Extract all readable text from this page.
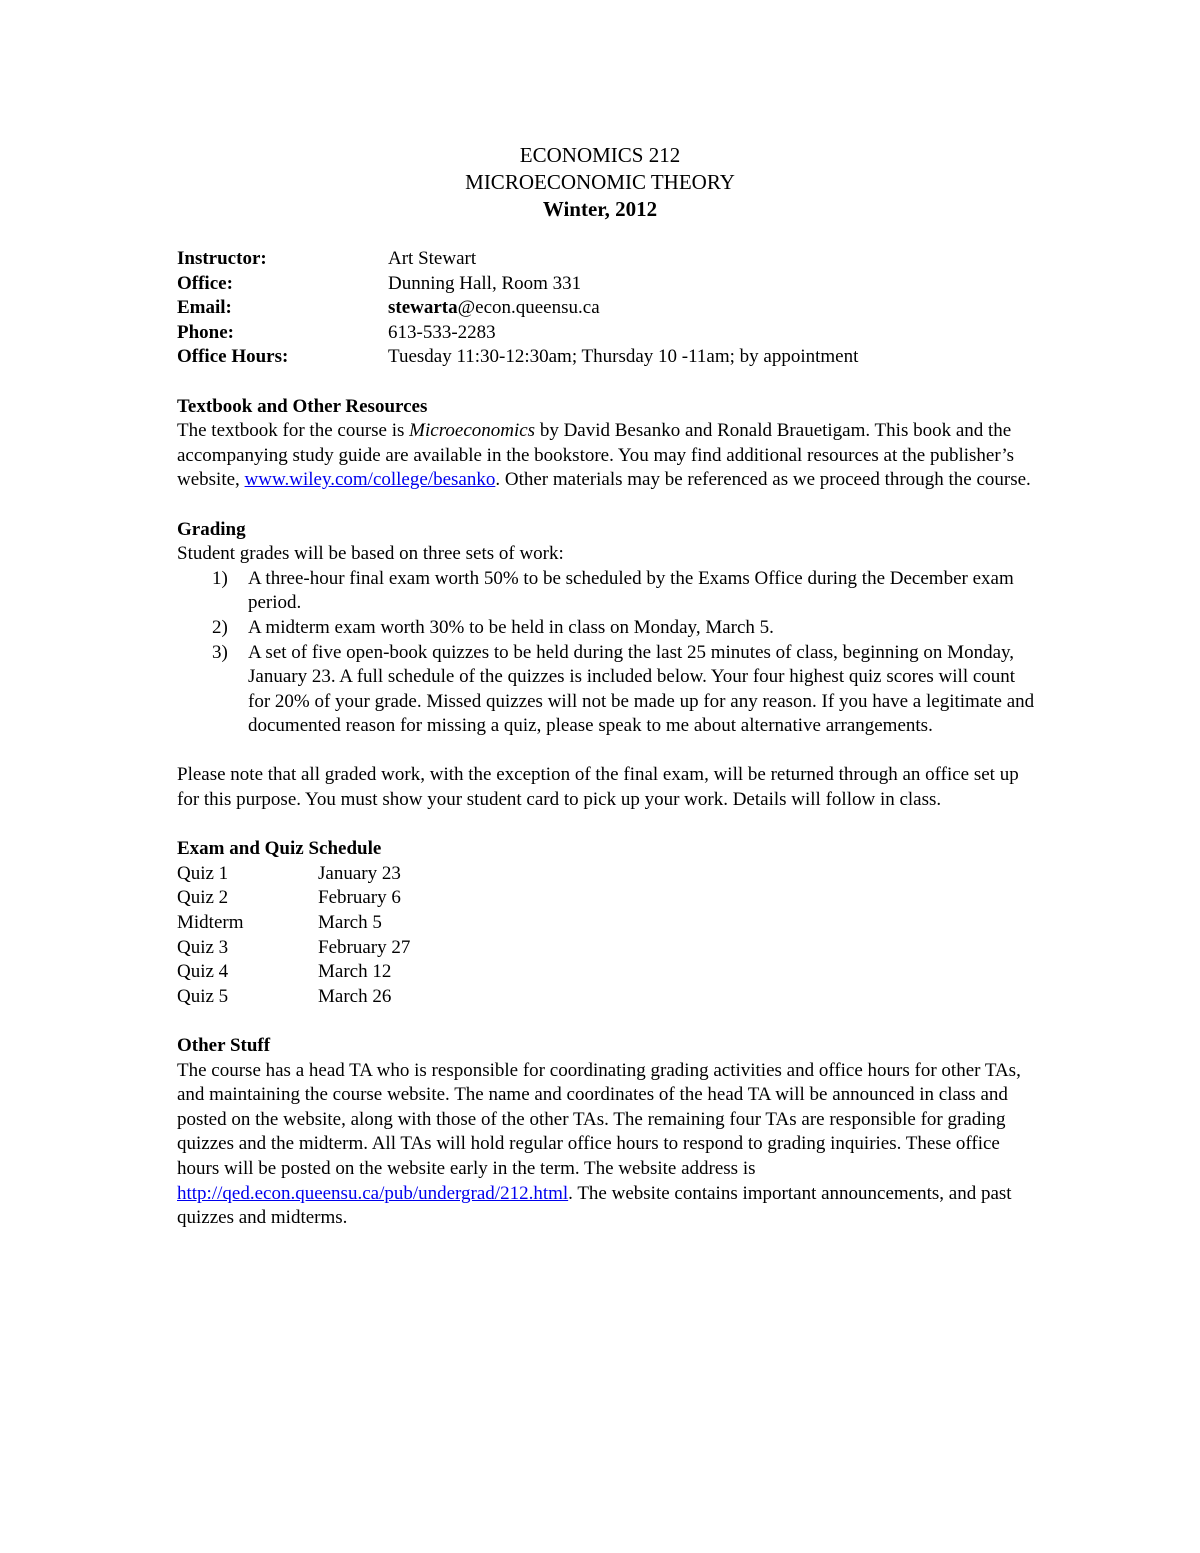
ECONOMICS 212
MICROECONOMIC THEORY
Winter, 2012
Instructor:	Art Stewart
Office:	Dunning Hall, Room 331
Email:	stewarta@econ.queensu.ca
Phone:	613-533-2283
Office Hours:	Tuesday 11:30-12:30am; Thursday 10 -11am; by appointment
Textbook and Other Resources

The textbook for the course is Microeconomics by David Besanko and Ronald Brauetigam. This book and the accompanying study guide are available in the bookstore. You may find additional resources at the publisher’s website, www.wiley.com/college/besanko. Other materials may be referenced as we proceed through the course.

Grading

Student grades will be based on three sets of work:

1)	A three-hour final exam worth 50% to be scheduled by the Exams Office during the December exam period.
2)	A midterm exam worth 30% to be held in class on Monday, March 5.
3)	A set of five open-book quizzes to be held during the last 25 minutes of class, beginning on Monday, January 23. A full schedule of the quizzes is included below. Your four highest quiz scores will count for 20% of your grade. Missed quizzes will not be made up for any reason. If you have a legitimate and documented reason for missing a quiz, please speak to me about alternative arrangements.

Please note that all graded work, with the exception of the final exam, will be returned through an office set up for this purpose. You must show your student card to pick up your work. Details will follow in class.

Exam and Quiz Schedule
Quiz 1	January 23
Quiz 2	February 6
Midterm	March 5
Quiz 3	February 27
Quiz 4	March 12
Quiz 5	March 26
Other Stuff

The course has a head TA who is responsible for coordinating grading activities and office hours for other TAs, and maintaining the course website. The name and coordinates of the head TA will be announced in class and posted on the website, along with those of the other TAs. The remaining four TAs are responsible for grading quizzes and the midterm. All TAs will hold regular office hours to respond to grading inquiries. These office hours will be posted on the website early in the term. The website address is http://qed.econ.queensu.ca/pub/undergrad/212.html. The website contains important announcements, and past quizzes and midterms.
